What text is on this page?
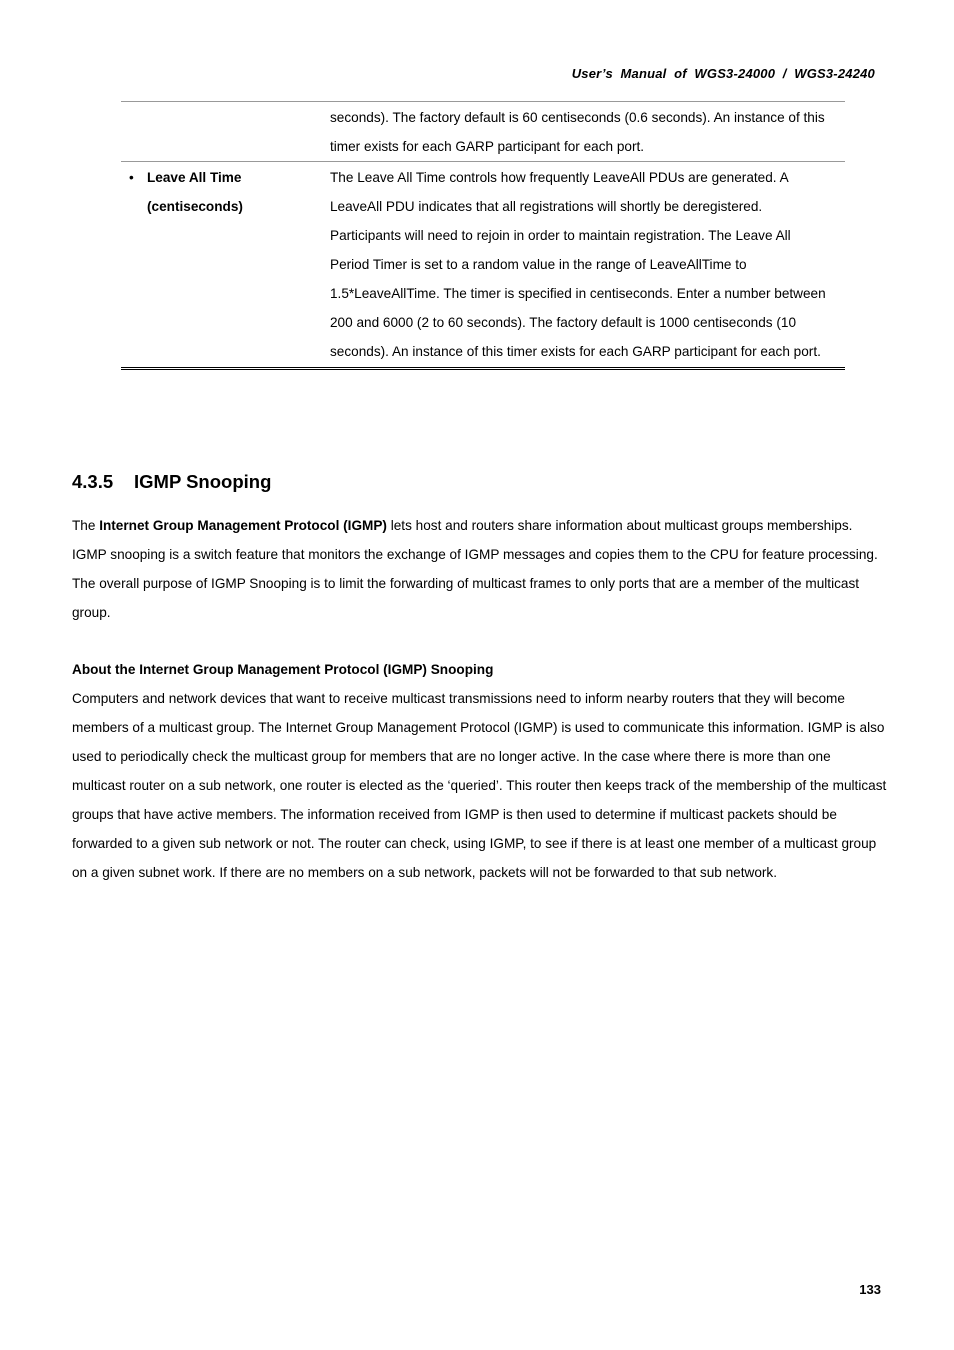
User’s  Manual  of  WGS3-24000  /  WGS3-24240
	seconds). The factory default is 60 centiseconds (0.6 seconds). An instance of this timer exists for each GARP participant for each port.

• Leave All Time (centiseconds)	The Leave All Time controls how frequently LeaveAll PDUs are generated. A LeaveAll PDU indicates that all registrations will shortly be deregistered. Participants will need to rejoin in order to maintain registration. The Leave All Period Timer is set to a random value in the range of LeaveAllTime to 1.5*LeaveAllTime. The timer is specified in centiseconds. Enter a number between 200 and 6000 (2 to 60 seconds). The factory default is 1000 centiseconds (10 seconds). An instance of this timer exists for each GARP participant for each port.
4.3.5 IGMP Snooping

The Internet Group Management Protocol (IGMP) lets host and routers share information about multicast groups memberships. IGMP snooping is a switch feature that monitors the exchange of IGMP messages and copies them to the CPU for feature processing. The overall purpose of IGMP Snooping is to limit the forwarding of multicast frames to only ports that are a member of the multicast group.

About the Internet Group Management Protocol (IGMP) Snooping

Computers and network devices that want to receive multicast transmissions need to inform nearby routers that they will become members of a multicast group. The Internet Group Management Protocol (IGMP) is used to communicate this information. IGMP is also used to periodically check the multicast group for members that are no longer active. In the case where there is more than one multicast router on a sub network, one router is elected as the ‘queried’. This router then keeps track of the membership of the multicast groups that have active members. The information received from IGMP is then used to determine if multicast packets should be forwarded to a given sub network or not. The router can check, using IGMP, to see if there is at least one member of a multicast group on a given subnet work. If there are no members on a sub network, packets will not be forwarded to that sub network.

133
